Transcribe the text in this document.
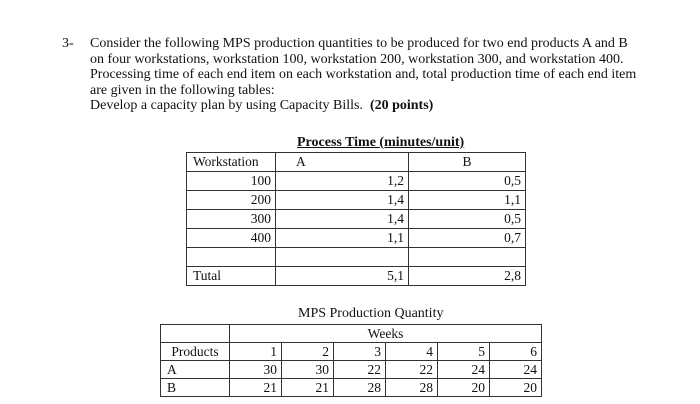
3- Consider the following MPS production quantities to be produced for two end products A and B
on four workstations, workstation 100, workstation 200, workstation 300, and workstation 400.
Processing time of each end item on each workstation and, total production time of each end item
are given in the following tables:
Develop a capacity plan by using Capacity Bills. (20 points)
Process Time (minutes/unit)
Workstation	A	B
100	1,2	0,5
200	1,4	1,1
300	1,4	0,5
400	1,1	0,7

Tutal	5,1	2,8
MPS Production Quantity
	Weeks					
Products	1	2	3	4	5	6
A	30	30	22	22	24	24
B	21	21	28	28	20	20
